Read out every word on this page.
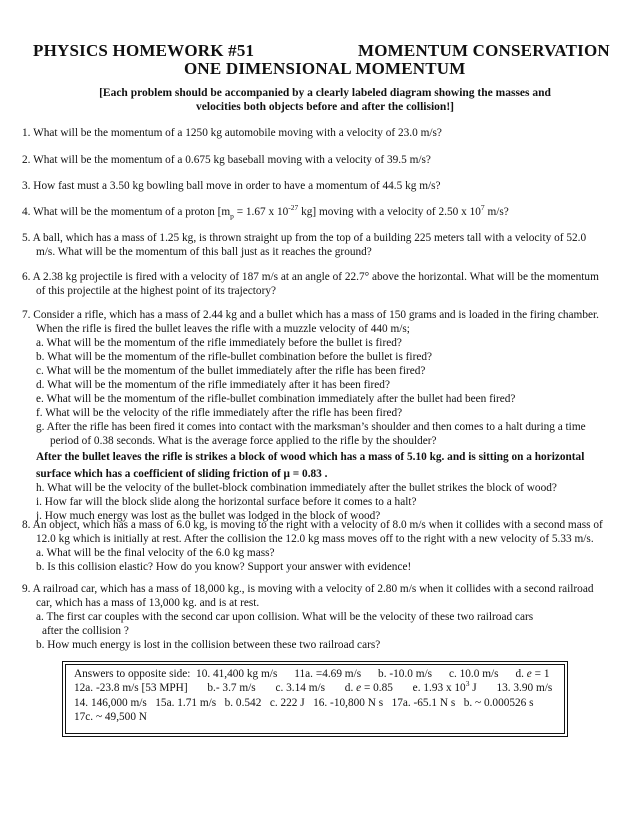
PHYSICS HOMEWORK #51	MOMENTUM CONSERVATION
ONE DIMENSIONAL MOMENTUM
[Each problem should be accompanied by a clearly labeled diagram showing the masses and
velocities both objects before and after the collision!]
1. What will be the momentum of a 1250 kg automobile moving with a velocity of 23.0 m/s?
2. What will be the momentum of a 0.675 kg baseball moving with a velocity of 39.5 m/s?
3. How fast must a 3.50 kg bowling ball move in order to have a momentum of 44.5 kg m/s?
4. What will be the momentum of a proton [$m_p = 1.67$ x $10^{-27}$ kg] moving with a velocity of 2.50 x $10^7$ m/s?
5. A ball, which has a mass of 1.25 kg, is thrown straight up from the top of a building 225 meters tall with a velocity of 52.0
m/s. What will be the momentum of this ball just as it reaches the ground?
6. A 2.38 kg projectile is fired with a velocity of 187 m/s at an angle of 22.7° above the horizontal. What will be the momentum
of this projectile at the highest point of its trajectory?
7. Consider a rifle, which has a mass of 2.44 kg and a bullet which has a mass of 150 grams and is loaded in the firing chamber.
When the rifle is fired the bullet leaves the rifle with a muzzle velocity of 440 m/s;
a. What will be the momentum of the rifle immediately before the bullet is fired?
b. What will be the momentum of the rifle-bullet combination before the bullet is fired?
c. What will be the momentum of the bullet immediately after the rifle has been fired?
d. What will be the momentum of the rifle immediately after it has been fired?
e. What will be the momentum of the rifle-bullet combination immediately after the bullet had been fired?
f. What will be the velocity of the rifle immediately after the rifle has been fired?
g. After the rifle has been fired it comes into contact with the marksman’s shoulder and then comes to a halt during a time
period of 0.38 seconds. What is the average force applied to the rifle by the shoulder?
After the bullet leaves the rifle is strikes a block of wood which has a mass of 5.10 kg. and is sitting on a horizontal
surface which has a coefficient of sliding friction of μ = 0.83 .
h. What will be the velocity of the bullet-block combination immediately after the bullet strikes the block of wood?
i. How far will the block slide along the horizontal surface before it comes to a halt?
j. How much energy was lost as the bullet was lodged in the block of wood?
8. An object, which has a mass of 6.0 kg, is moving to the right with a velocity of 8.0 m/s when it collides with a second mass of
12.0 kg which is initially at rest. After the collision the 12.0 kg mass moves off to the right with a new velocity of 5.33 m/s.
a. What will be the final velocity of the 6.0 kg mass?
b. Is this collision elastic? How do you know? Support your answer with evidence!
9. A railroad car, which has a mass of 18,000 kg., is moving with a velocity of 2.80 m/s when it collides with a second railroad
car, which has a mass of 13,000 kg. and is at rest.
a. The first car couples with the second car upon collision. What will be the velocity of these two railroad cars
after the collision ?
b. How much energy is lost in the collision between these two railroad cars?
Answers to opposite side:  10. 41,400 kg m/s      11a. =4.69 m/s      b. -10.0 m/s      c. 10.0 m/s      d. e = 1
12a. -23.8 m/s [53 MPH]       b.- 3.7 m/s       c. 3.14 m/s       d. e = 0.85       e. 1.93 x $10^3$ J       13. 3.90 m/s
14. 146,000 m/s   15a. 1.71 m/s   b. 0.542   c. 222 J   16. -10,800 N s   17a. -65.1 N s   b. ~ 0.000526 s
17c. ~ 49,500 N
